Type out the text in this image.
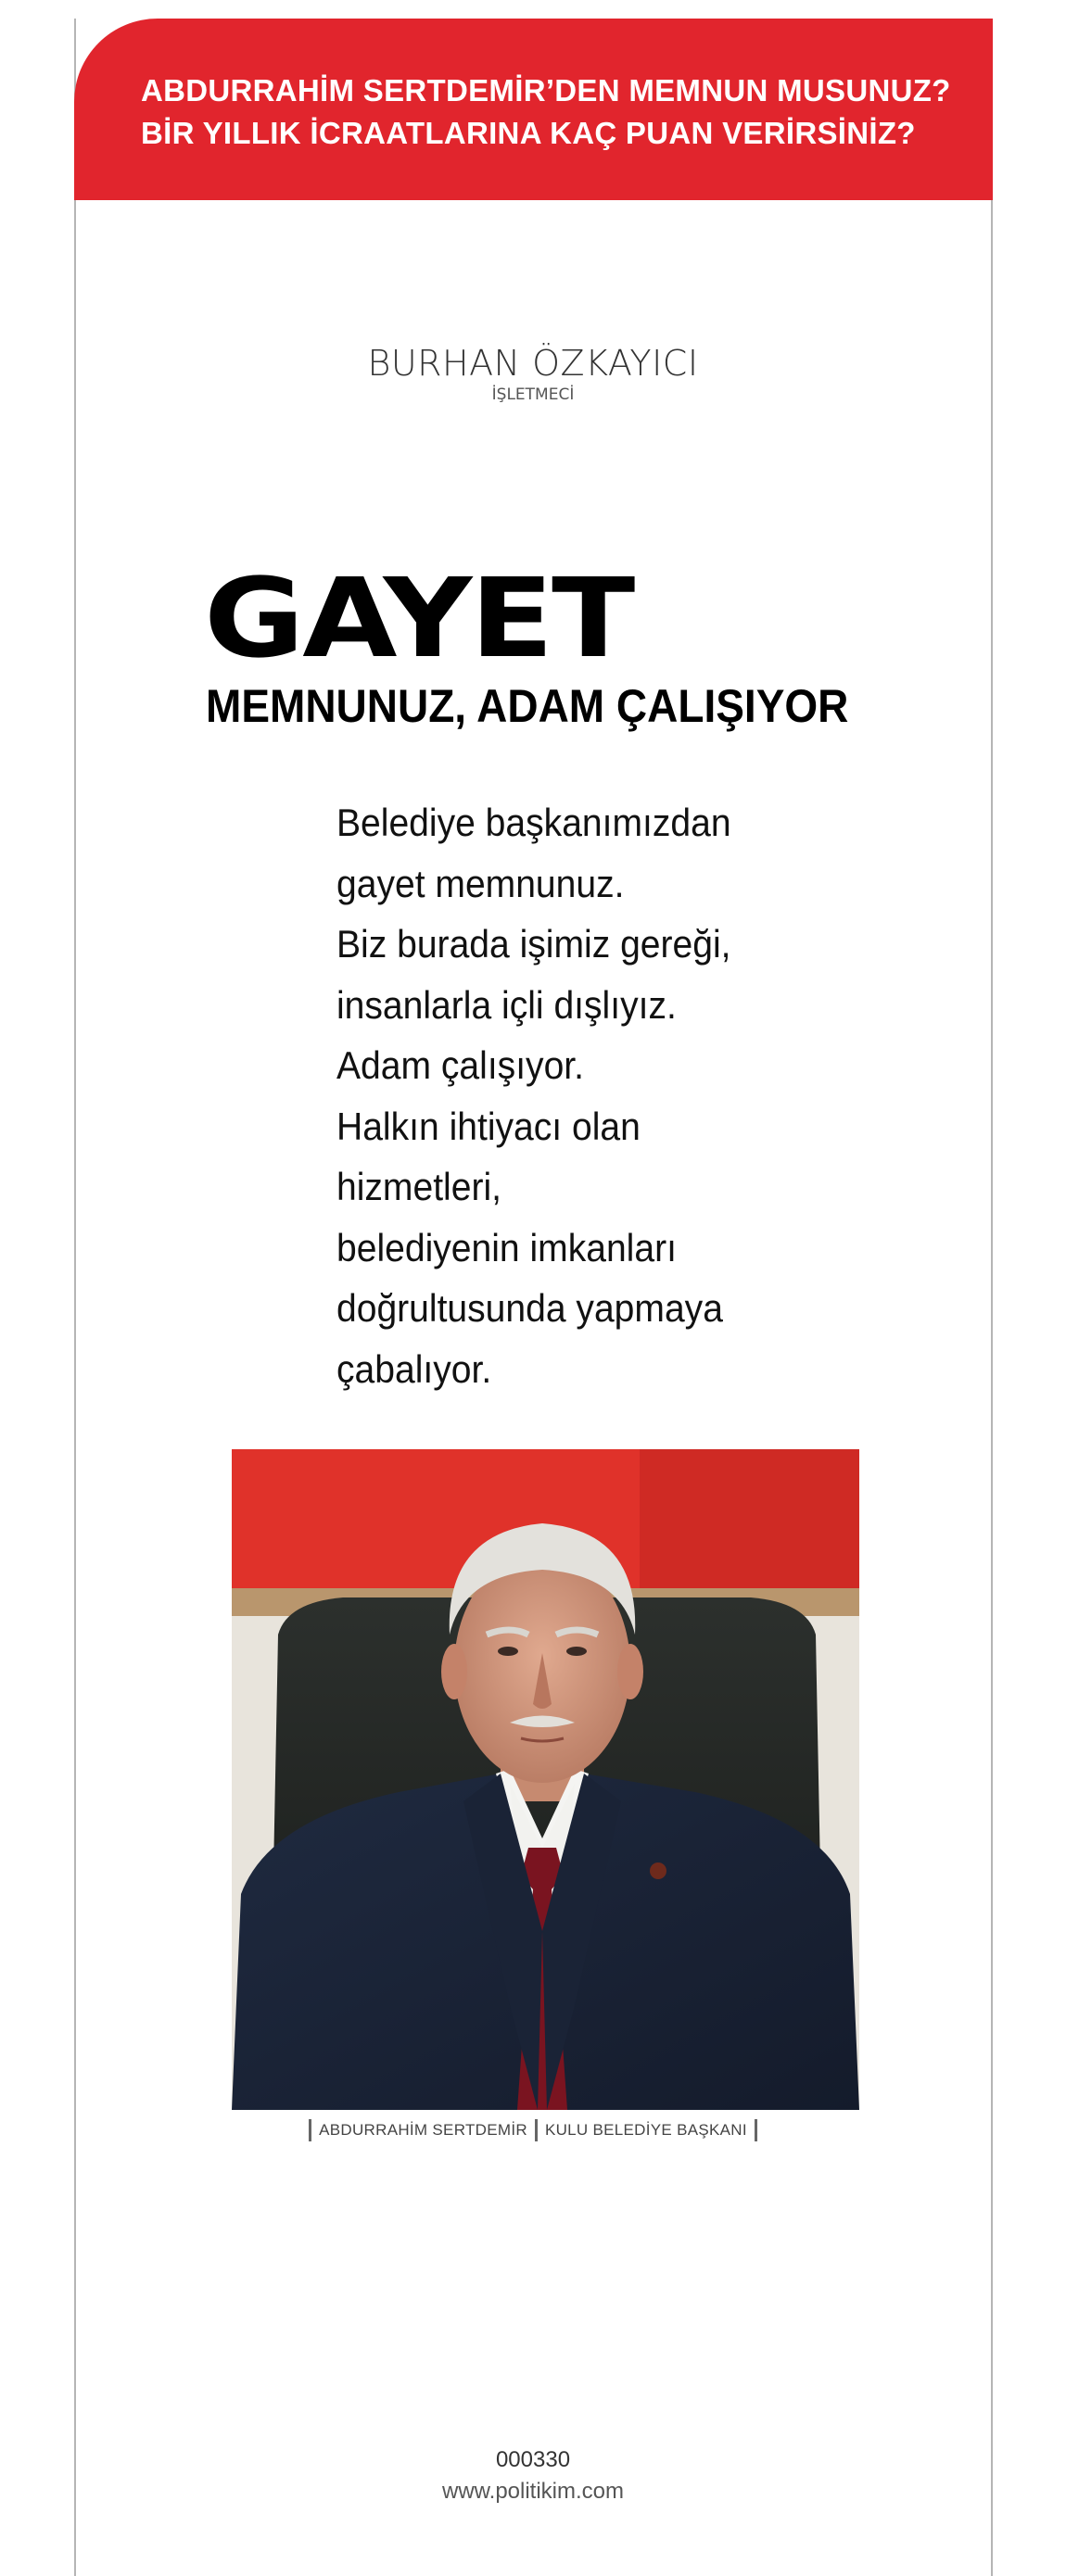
ABDURRAHİM SERTDEMİR’DEN MEMNUN MUSUNUZ?
BİR YILLIK İCRAATLARINA KAÇ PUAN VERİRSİNİZ?
BURHAN ÖZKAYICI
İŞLETMECİ
GAYET
MEMNUNUZ, ADAM ÇALIŞIYOR
Belediye başkanımızdan
gayet memnunuz.
Biz burada işimiz gereği,
insanlarla içli dışlıyız.
Adam çalışıyor.
Halkın ihtiyacı olan
hizmetleri,
belediyenin imkanları
doğrultusunda yapmaya
çabalıyor.
ABDURRAHİM SERTDEMİR KULU BELEDİYE BAŞKANI
000330
www.politikim.com
